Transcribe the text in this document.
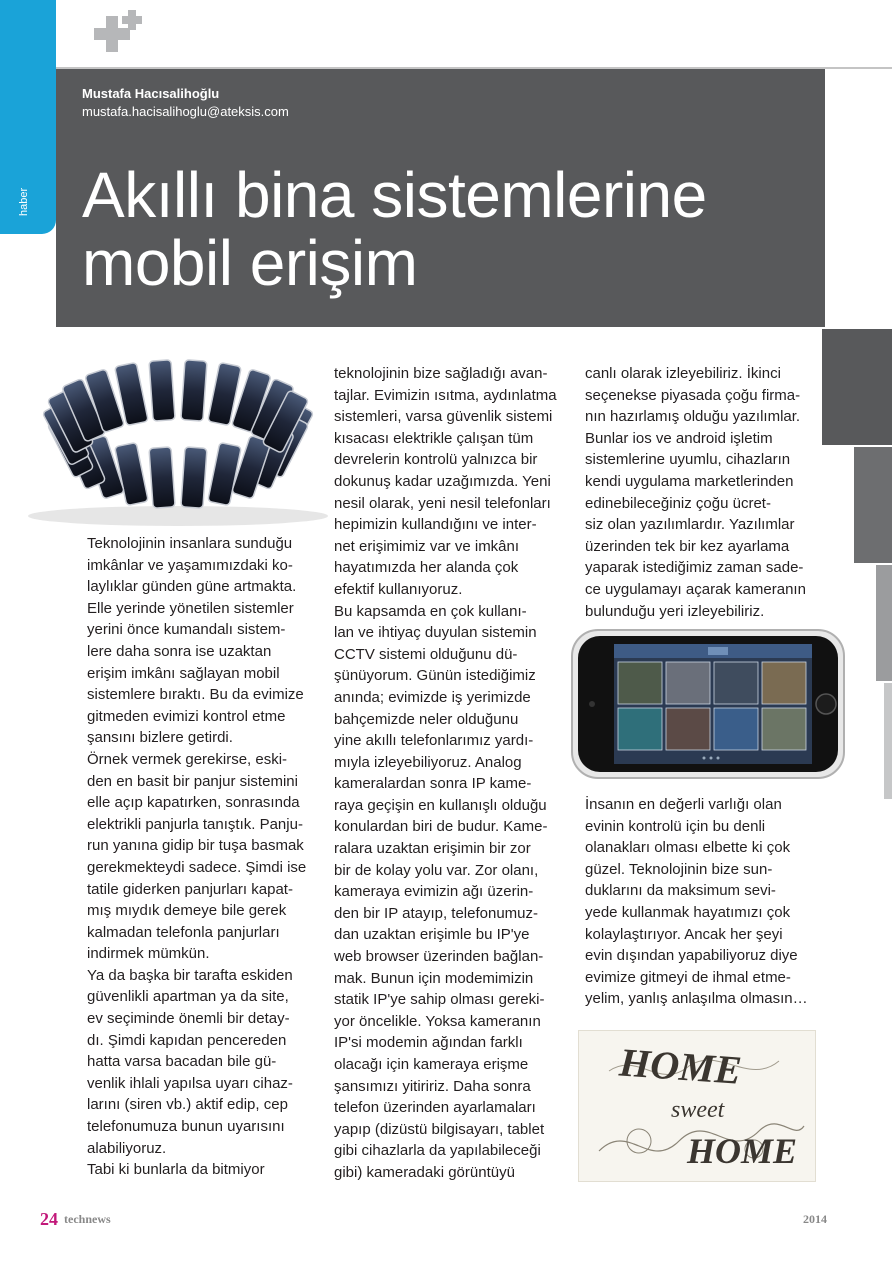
haber
Mustafa Hacısalihoğlu
mustafa.hacisalihoglu@ateksis.com
Akıllı bina sistemlerine
mobil erişim
Teknolojinin insanlara sunduğu
imkânlar ve yaşamımızdaki ko-
laylıklar günden güne artmakta.
Elle yerinde yönetilen sistemler
yerini önce kumandalı sistem-
lere daha sonra ise uzaktan
erişim imkânı sağlayan mobil
sistemlere bıraktı. Bu da evimize
gitmeden evimizi kontrol etme
şansını bizlere getirdi.
Örnek vermek gerekirse, eski-
den en basit bir panjur sistemini
elle açıp kapatırken, sonrasında
elektrikli panjurla tanıştık. Panju-
run yanına gidip bir tuşa basmak
gerekmekteydi sadece. Şimdi ise
tatile giderken panjurları kapat-
mış mıydık demeye bile gerek
kalmadan telefonla panjurları
indirmek mümkün.
Ya da başka bir tarafta eskiden
güvenlikli apartman ya da site,
ev seçiminde önemli bir detay-
dı. Şimdi kapıdan pencereden
hatta varsa bacadan bile gü-
venlik ihlali yapılsa uyarı cihaz-
larını (siren vb.) aktif edip, cep
telefonumuza bunun uyarısını
alabiliyoruz.
Tabi ki bunlarla da bitmiyor
teknolojinin bize sağladığı avan-
tajlar. Evimizin ısıtma, aydınlatma
sistemleri, varsa güvenlik sistemi
kısacası elektrikle çalışan tüm
devrelerin kontrolü yalnızca bir
dokunuş kadar uzağımızda. Yeni
nesil olarak, yeni nesil telefonları
hepimizin kullandığını ve inter-
net erişimimiz var ve imkânı
hayatımızda her alanda çok
efektif kullanıyoruz.
Bu kapsamda en çok kullanı-
lan ve ihtiyaç duyulan sistemin
CCTV sistemi olduğunu dü-
şünüyorum. Günün istediğimiz
anında; evimizde iş yerimizde
bahçemizde neler olduğunu
yine akıllı telefonlarımız yardı-
mıyla izleyebiliyoruz. Analog
kameralardan sonra IP kame-
raya geçişin en kullanışlı olduğu
konulardan biri de budur. Kame-
ralara uzaktan erişimin bir zor
bir de kolay yolu var. Zor olanı,
kameraya evimizin ağı üzerin-
den bir IP atayıp, telefonumuz-
dan uzaktan erişimle bu IP'ye
web browser üzerinden bağlan-
mak. Bunun için modemimizin
statik IP'ye sahip olması gereki-
yor öncelikle. Yoksa kameranın
IP'si modemin ağından farklı
olacağı için kameraya erişme
şansımızı yitiririz. Daha sonra
telefon üzerinden ayarlamaları
yapıp (dizüstü bilgisayarı, tablet
gibi cihazlarla da yapılabileceği
gibi) kameradaki görüntüyü
canlı olarak izleyebiliriz. İkinci
seçenekse piyasada çoğu firma-
nın hazırlamış olduğu yazılımlar.
Bunlar ios ve android işletim
sistemlerine uyumlu, cihazların
kendi uygulama marketlerinden
edinebileceğiniz çoğu ücret-
siz olan yazılımlardır. Yazılımlar
üzerinden tek bir kez ayarlama
yaparak istediğimiz zaman sade-
ce uygulamayı açarak kameranın
bulunduğu yeri izleyebiliriz.
İnsanın en değerli varlığı olan
evinin kontrolü için bu denli
olanakları olması elbette ki çok
güzel. Teknolojinin bize sun-
duklarını da maksimum sevi-
yede kullanmak hayatımızı çok
kolaylaştırıyor. Ancak her şeyi
evin dışından yapabiliyoruz diye
evimize gitmeyi de ihmal etme-
yelim, yanlış anlaşılma olmasın…
HOME
sweet
HOME
24 technews	2014
